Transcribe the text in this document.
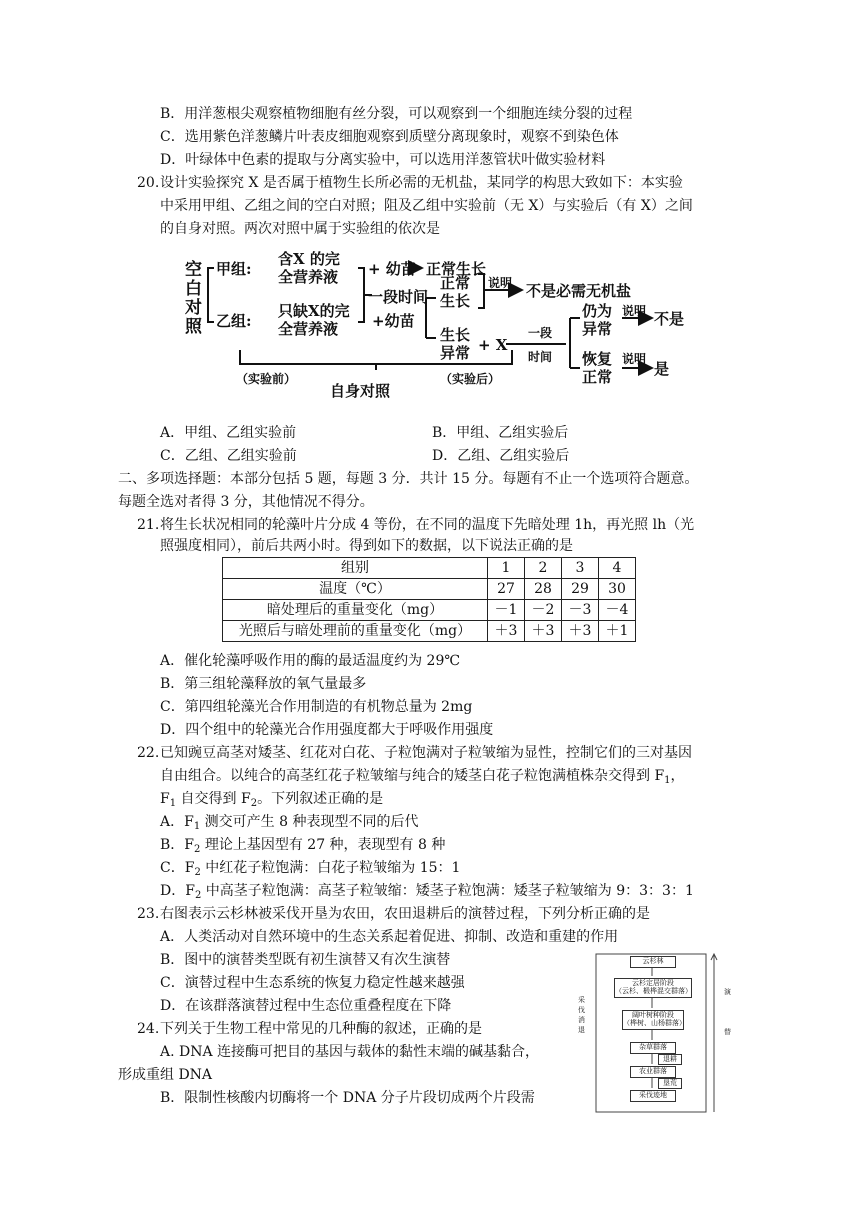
B．用洋葱根尖观察植物细胞有丝分裂，可以观察到一个细胞连续分裂的过程
C．选用紫色洋葱鳞片叶表皮细胞观察到质壁分离现象时，观察不到染色体
D．叶绿体中色素的提取与分离实验中，可以选用洋葱管状叶做实验材料
20. 设计实验探究 X 是否属于植物生长所必需的无机盐，某同学的构思大致如下：本实验
中采用甲组、乙组之间的空白对照；阻及乙组中实验前（无 X）与实验后（有 X）之间
的自身对照。两次对照中属于实验组的依次是
空白对照 甲组:
含X 的完
全营养液 + 幼苗 正常生长
一段时间
乙组:
只缺X的完
全营养液 +幼苗
正常
生长
说明 不是必需无机盐
生长
异常 + X
一段
时间
仍为
异常
说明 不是
恢复
正常
说明
是
（实验前）
自身对照
（实验后）
A．甲组、乙组实验前	B．甲组、乙组实验后
C．乙组、乙组实验前	D．乙组、乙组实验后
二、多项选择题：本部分包括 5 题，每题 3 分．共计 15 分。每题有不止一个选项符合题意。
每题全选对者得 3 分，其他情况不得分。
21. 将生长状况相同的轮藻叶片分成 4 等份，在不同的温度下先暗处理 1h，再光照 lh（光
照强度相同），前后共两小时。得到如下的数据，以下说法正确的是
组别	1	2	3	4
温度（℃）	27	28	29	30
暗处理后的重量变化（mg）	－1	－2	－3	－4
光照后与暗处理前的重量变化（mg）	＋3	＋3	＋3	＋1
A．催化轮藻呼吸作用的酶的最适温度约为 29℃
B．第三组轮藻释放的氧气量最多
C．第四组轮藻光合作用制造的有机物总量为 2mg
D．四个组中的轮藻光合作用强度都大于呼吸作用强度
22. 已知豌豆高茎对矮茎、红花对白花、子粒饱满对子粒皱缩为显性，控制它们的三对基因
自由组合。以纯合的高茎红花子粒皱缩与纯合的矮茎白花子粒饱满植株杂交得到 $F_1$，
$F_1$ 自交得到 $F_2$。下列叙述正确的是
A．$F_1$ 测交可产生 8 种表现型不同的后代
B．$F_2$ 理论上基因型有 27 种，表现型有 8 种
C．$F_2$ 中红花子粒饱满：白花子粒皱缩为 15：1
D．$F_2$ 中高茎子粒饱满：高茎子粒皱缩：矮茎子粒饱满：矮茎子粒皱缩为 9：3：3：1
23. 右图表示云杉林被采伐开垦为农田，农田退耕后的演替过程，下列分析正确的是
A．人类活动对自然环境中的生态关系起着促进、抑制、改造和重建的作用
B．图中的演替类型既有初生演替又有次生演替
C．演替过程中生态系统的恢复力稳定性越来越强
D．在该群落演替过程中生态位重叠程度在下降
云杉林
云杉定居阶段
（云杉、椴桦混交群落）
阔叶树种阶段
（桦树、山杨群落）
杂草群落
退耕
农业群落
垦荒
采伐迹地
采
伐
消
退
演
替
24. 下列关于生物工程中常见的几种酶的叙述，正确的是
A. DNA 连接酶可把目的基因与载体的黏性末端的碱基黏合，
形成重组 DNA
B．限制性核酸内切酶将一个 DNA 分子片段切成两个片段需
